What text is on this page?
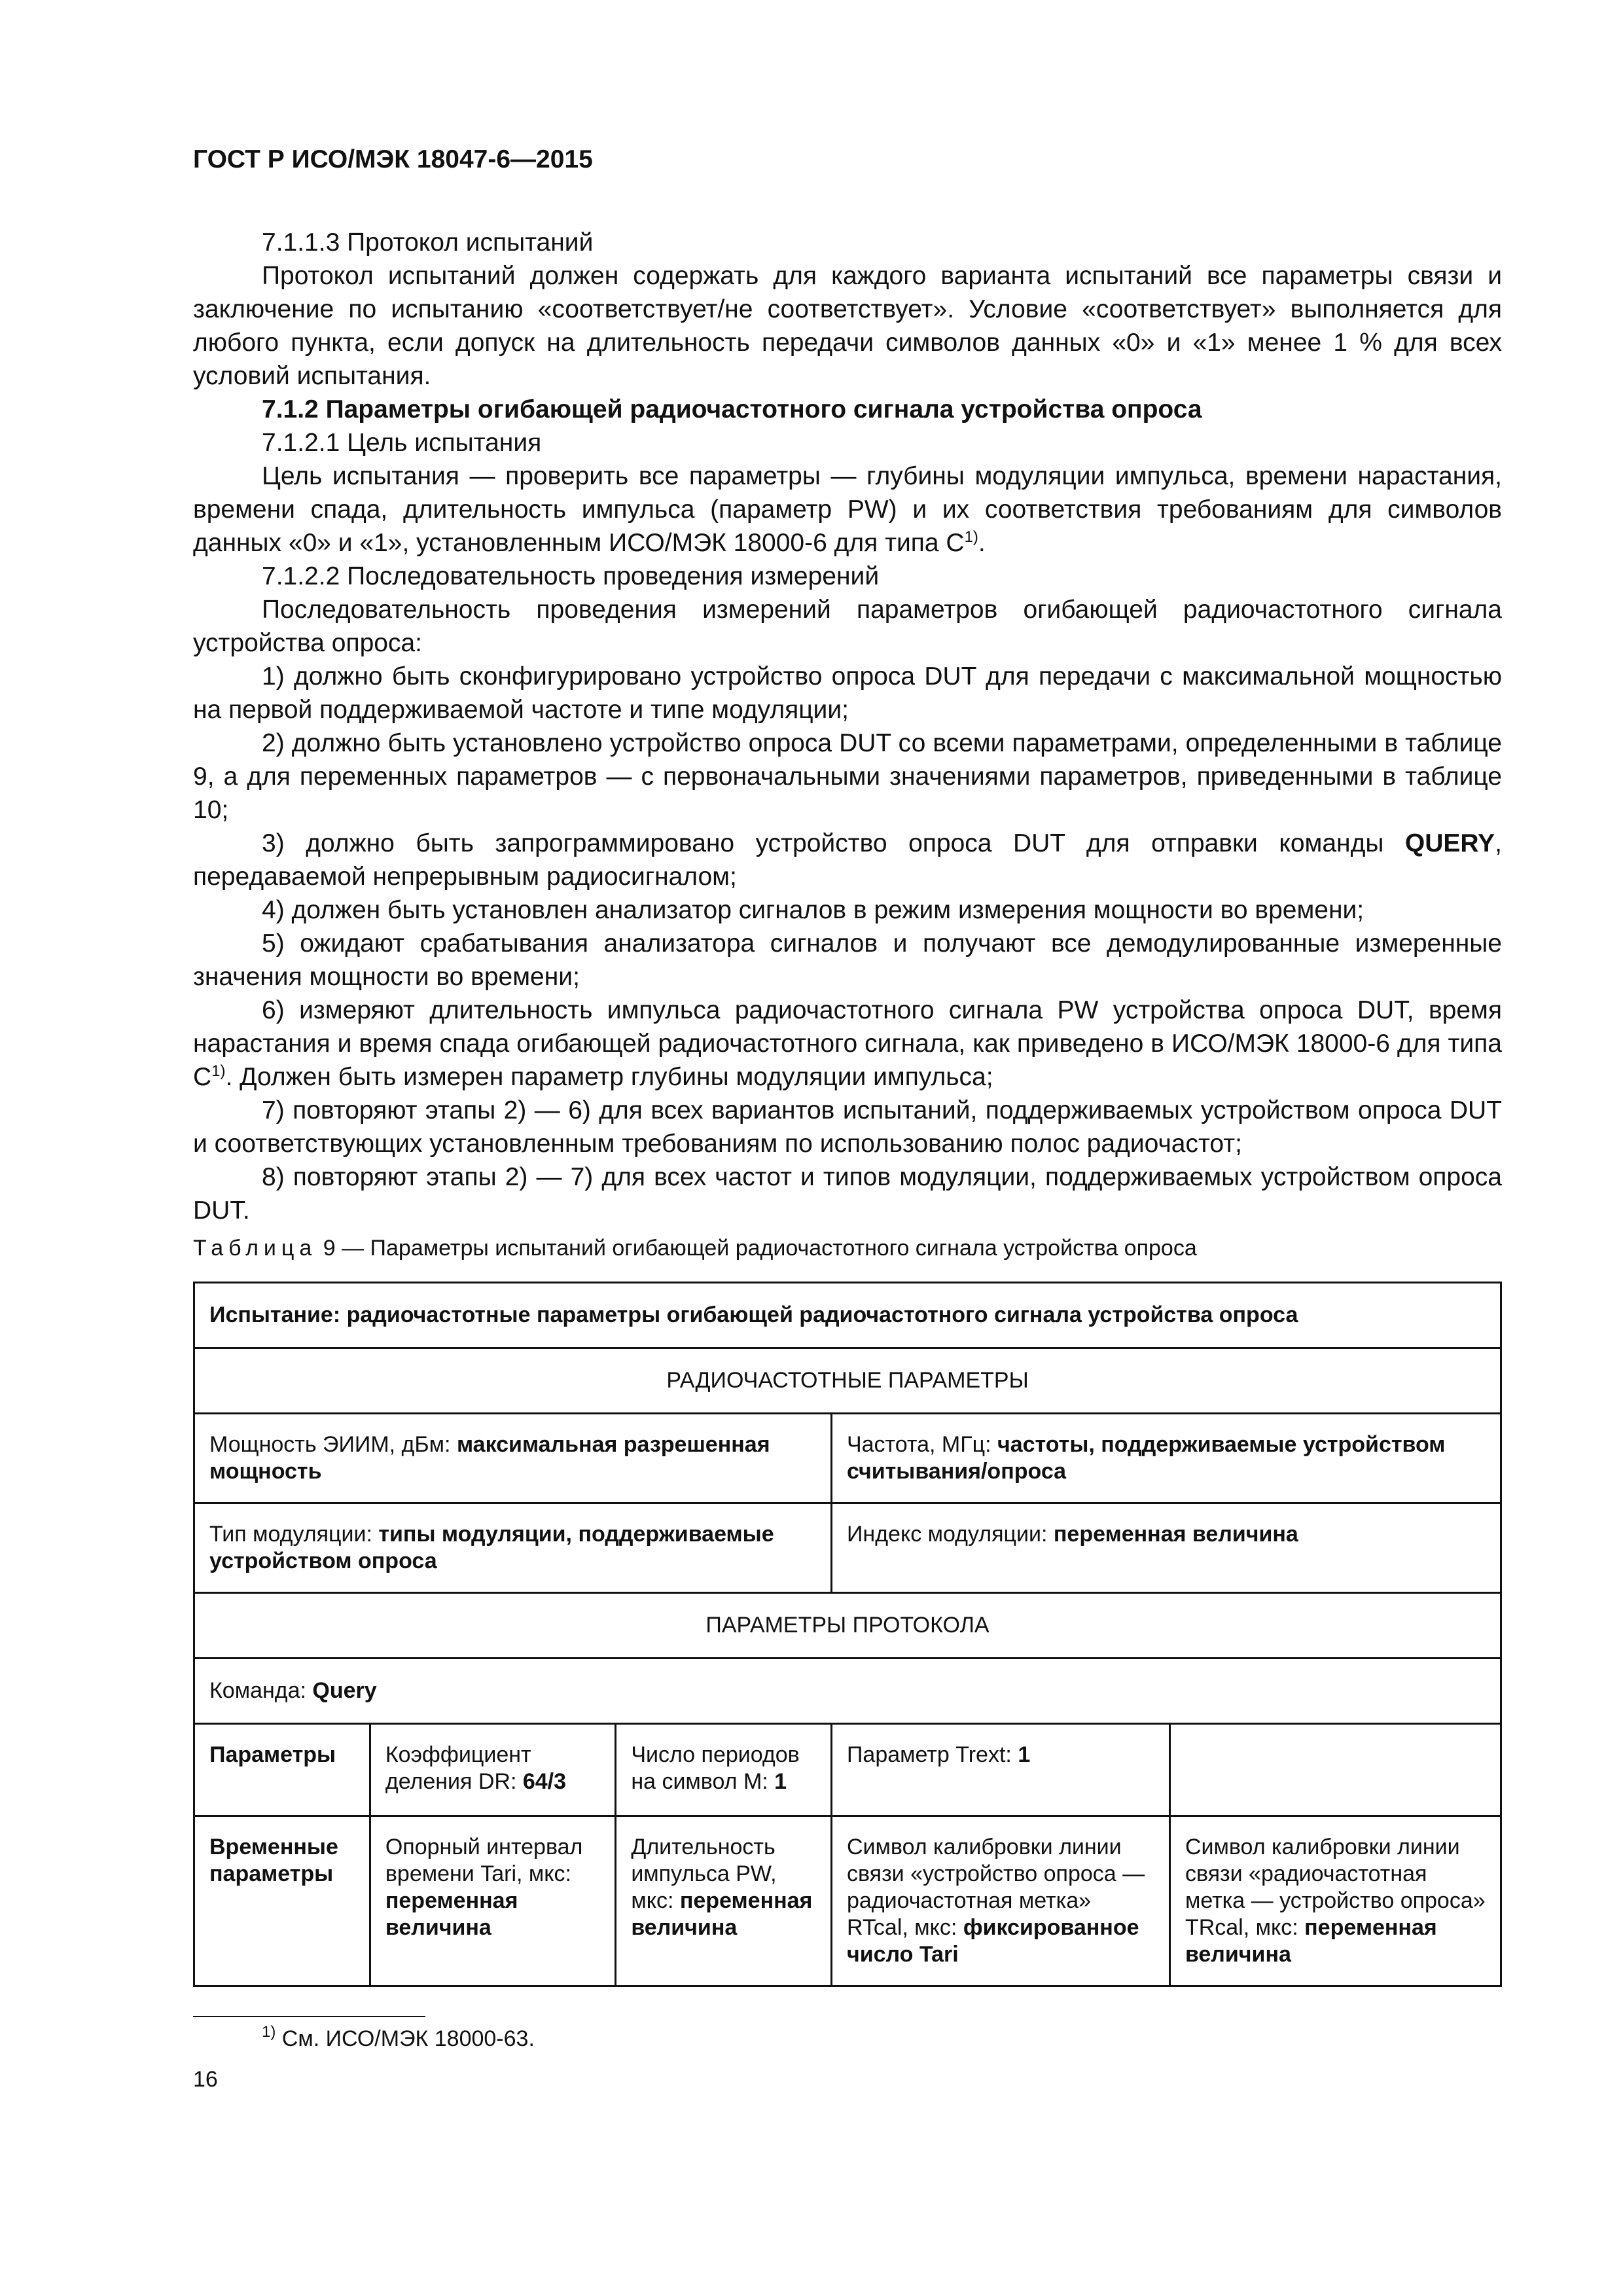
ГОСТ Р ИСО/МЭК 18047-6—2015

7.1.1.3 Протокол испытаний

Протокол испытаний должен содержать для каждого варианта испытаний все параметры связи и заключение по испытанию «соответствует/не соответствует». Условие «соответствует» выполняется для любого пункта, если допуск на длительность передачи символов данных «0» и «1» менее 1 % для всех условий испытания.

7.1.2 Параметры огибающей радиочастотного сигнала устройства опроса

7.1.2.1 Цель испытания

Цель испытания — проверить все параметры — глубины модуляции импульса, времени нарастания, времени спада, длительность импульса (параметр PW) и их соответствия требованиям для символов данных «0» и «1», установленным ИСО/МЭК 18000-6 для типа $С^{1)}$.

7.1.2.2 Последовательность проведения измерений

Последовательность проведения измерений параметров огибающей радиочастотного сигнала устройства опроса:

1) должно быть сконфигурировано устройство опроса DUT для передачи с максимальной мощностью на первой поддерживаемой частоте и типе модуляции;

2) должно быть установлено устройство опроса DUT со всеми параметрами, определенными в таблице 9, а для переменных параметров — с первоначальными значениями параметров, приведенными в таблице 10;

3) должно быть запрограммировано устройство опроса DUT для отправки команды QUERY, передаваемой непрерывным радиосигналом;

4) должен быть установлен анализатор сигналов в режим измерения мощности во времени;

5) ожидают срабатывания анализатора сигналов и получают все демодулированные измеренные значения мощности во времени;

6) измеряют длительность импульса радиочастотного сигнала PW устройства опроса DUT, время нарастания и время спада огибающей радиочастотного сигнала, как приведено в ИСО/МЭК 18000-6 для типа $С^{1)}$. Должен быть измерен параметр глубины модуляции импульса;

7) повторяют этапы 2) — 6) для всех вариантов испытаний, поддерживаемых устройством опроса DUT и соответствующих установленным требованиям по использованию полос радиочастот;

8) повторяют этапы 2) — 7) для всех частот и типов модуляции, поддерживаемых устройством опроса DUT.

Таблица 9 — Параметры испытаний огибающей радиочастотного сигнала устройства опроса
Испытание: радиочастотные параметры огибающей радиочастотного сигнала устройства опроса				
РАДИОЧАСТОТНЫЕ ПАРАМЕТРЫ				
Мощность ЭИИМ, дБм: максимальная разрешенная мощность			Частота, МГц: частоты, поддерживаемые устройством считывания/опроса	
Тип модуляции: типы модуляции, поддерживаемые устройством опроса			Индекс модуляции: переменная величина	
ПАРАМЕТРЫ ПРОТОКОЛА				
Команда: Query				
Параметры	Коэффициент деления DR: 64/3	Число периодов на символ М: 1	Параметр Trext: 1	
Временные параметры	Опорный интервал времени Tari, мкс: переменная величина	Длительность импульса PW, мкс: переменная величина	Символ калибровки линии связи «устройство опроса — радиочастотная метка» RTcal, мкс: фиксированное число Tari	Символ калибровки линии связи «радиочастотная метка — устройство опроса» TRcal, мкс: переменная величина
$^{1)}$ См. ИСО/МЭК 18000-63.
16
